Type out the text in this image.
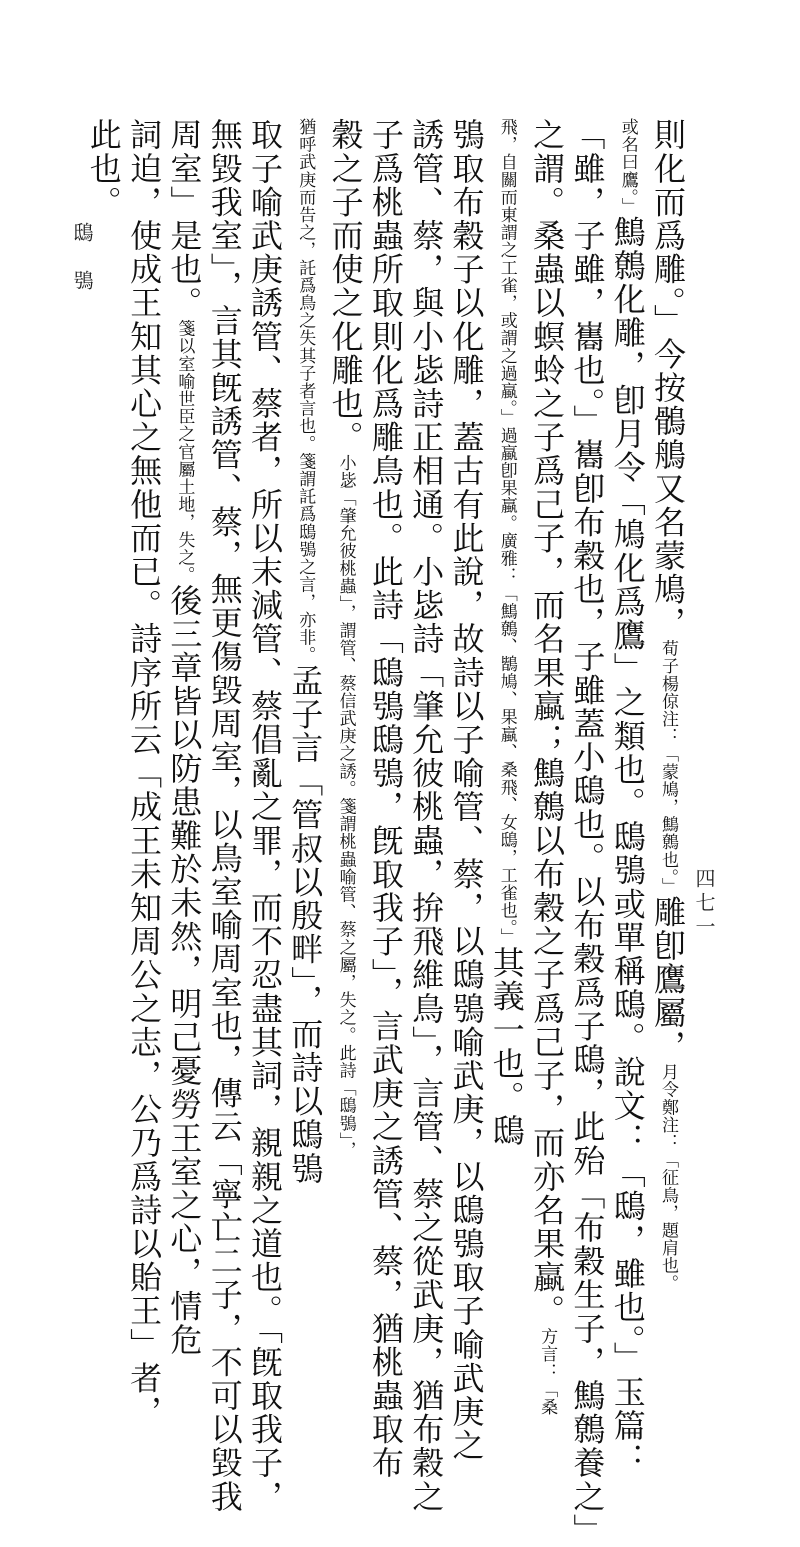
鴟鴞
四七一
則化而爲雕。」今按鶻鵃又名蒙鳩，荀子楊倞注：「蒙鳩，鷦鷯也。」雕卽鷹屬，月令鄭注：「征鳥，題肩也。
或名曰鷹。」鷦鷯化雕，卽月令「鳩化爲鷹」之類也。鴟鴞或單稱鴟。說文：「鴟，雖也。」玉篇：
「雖，子雖，巂也。」巂卽布穀也，子雖蓋小鴟也。以布穀爲子鴟，此殆「布穀生子，鷦鷯養之」
之謂。桑蟲以螟蛉之子爲己子，而名果蠃；鷦鷯以布穀之子爲己子，而亦名果蠃。方言：「桑
飛，自關而東謂之工雀，或謂之過蠃。」過蠃卽果蠃。廣雅：「鷦鷯、鶛鳩、果蠃、桑飛、女鴟，工雀也。」其義一也。鴟
鴞取布穀子以化雕，蓋古有此說，故詩以子喻管、蔡，以鴟鴞喻武庚，以鴟鴞取子喻武庚之
誘管、蔡，與小毖詩正相通。小毖詩「肇允彼桃蟲，拚飛維鳥」，言管、蔡之從武庚，猶布穀之
子爲桃蟲所取則化爲雕鳥也。此詩「鴟鴞鴟鴞，旣取我子」，言武庚之誘管、蔡，猶桃蟲取布
穀之子而使之化雕也。小毖「肇允彼桃蟲」，謂管、蔡信武庚之誘。箋謂桃蟲喻管、蔡之屬，失之。此詩「鴟鴞」，
猶呼武庚而告之，託爲鳥之失其子者言也。箋謂託爲鴟鴞之言，亦非。孟子言「管叔以殷畔」，而詩以鴟鴞
取子喻武庚誘管、蔡者，所以末減管、蔡倡亂之罪，而不忍盡其詞，親親之道也。「旣取我子，
無毀我室」，言其旣誘管、蔡，無更傷毀周室，以鳥室喻周室也，傳云「寧亡二子，不可以毀我
周室」是也。箋以室喻世臣之官屬土地，失之。後三章皆以防患難於未然，明己憂勞王室之心，情危
詞迫，使成王知其心之無他而已。詩序所云「成王未知周公之志，公乃爲詩以貽王」者，
此也。
